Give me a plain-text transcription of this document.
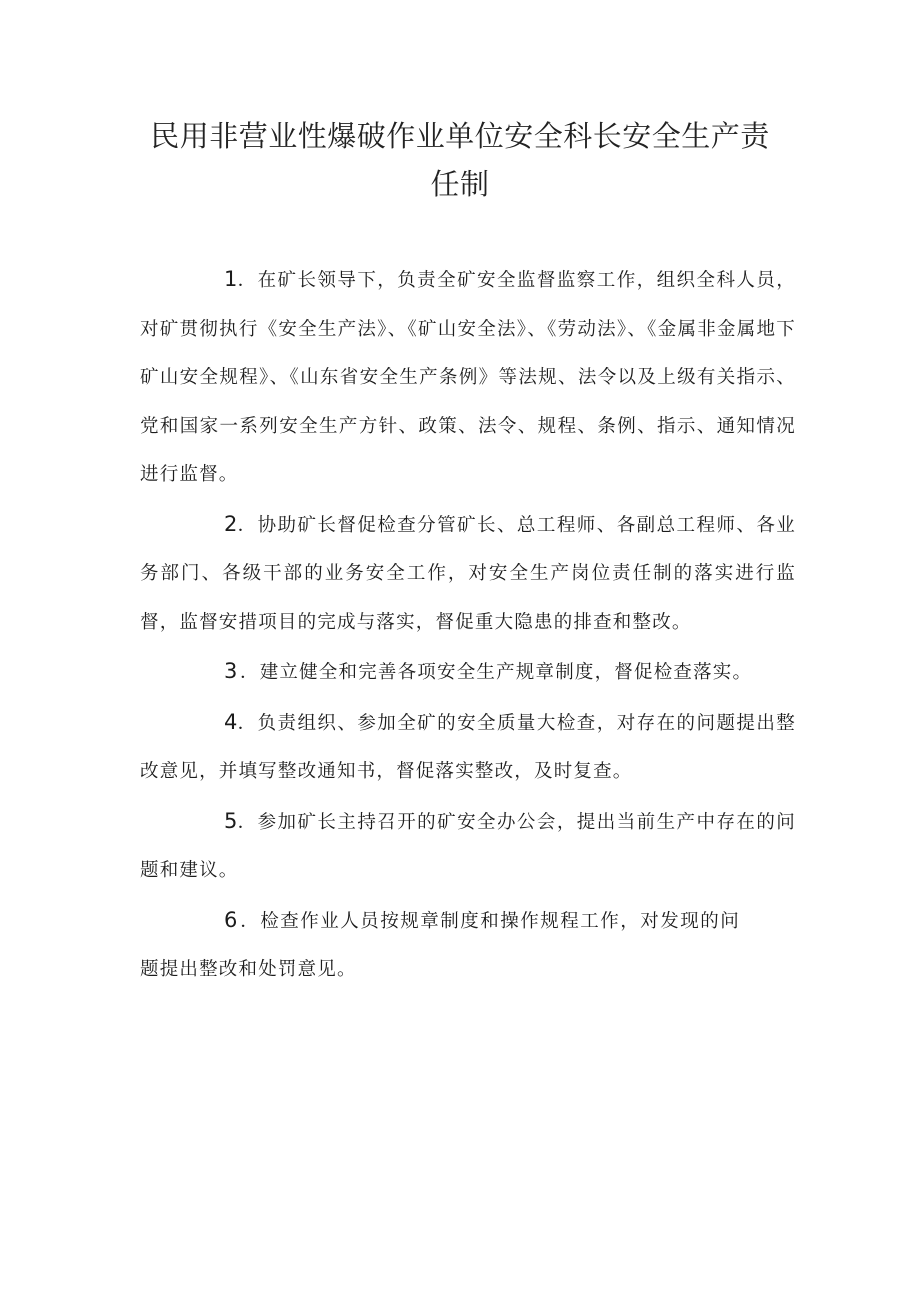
民用非营业性爆破作业单位安全科长安全生产责任制

1．在矿长领导下，负责全矿安全监督监察工作，组织全科人员，对矿贯彻执行《安全生产法》、《矿山安全法》、《劳动法》、《金属非金属地下矿山安全规程》、《山东省安全生产条例》等法规、法令以及上级有关指示、党和国家一系列安全生产方针、政策、法令、规程、条例、指示、通知情况进行监督。

2．协助矿长督促检查分管矿长、总工程师、各副总工程师、各业务部门、各级干部的业务安全工作，对安全生产岗位责任制的落实进行监督，监督安措项目的完成与落实，督促重大隐患的排查和整改。

3 ．建立健全和完善各项安全生产规章制度，督促检查落实。

4．负责组织、参加全矿的安全质量大检查，对存在的问题提出整改意见，并填写整改通知书，督促落实整改，及时复查。

5．参加矿长主持召开的矿安全办公会，提出当前生产中存在的问题和建议。

6 ．检查作业人员按规章制度和操作规程工作，对发现的问题提出整改和处罚意见。
